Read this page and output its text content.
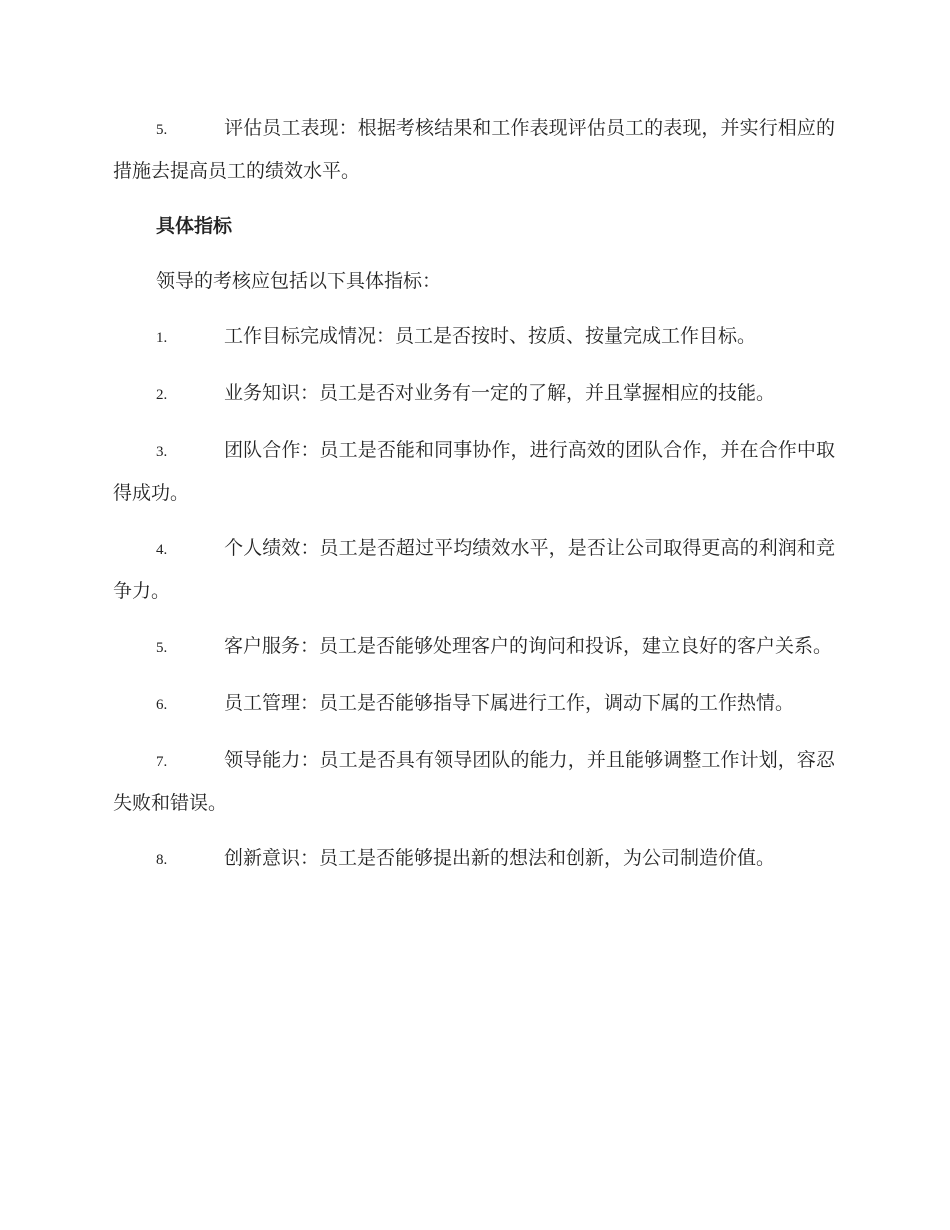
5.	评估员工表现：根据考核结果和工作表现评估员工的表现，并实行相应的措施去提高员工的绩效水平。

具体指标

领导的考核应包括以下具体指标：

1.	工作目标完成情况：员工是否按时、按质、按量完成工作目标。

2.	业务知识：员工是否对业务有一定的了解，并且掌握相应的技能。

3.	团队合作：员工是否能和同事协作，进行高效的团队合作，并在合作中取得成功。

4.	个人绩效：员工是否超过平均绩效水平，是否让公司取得更高的利润和竞争力。

5.	客户服务：员工是否能够处理客户的询问和投诉，建立良好的客户关系。

6.	员工管理：员工是否能够指导下属进行工作，调动下属的工作热情。

7.	领导能力：员工是否具有领导团队的能力，并且能够调整工作计划，容忍失败和错误。

8.	创新意识：员工是否能够提出新的想法和创新，为公司制造价值。
